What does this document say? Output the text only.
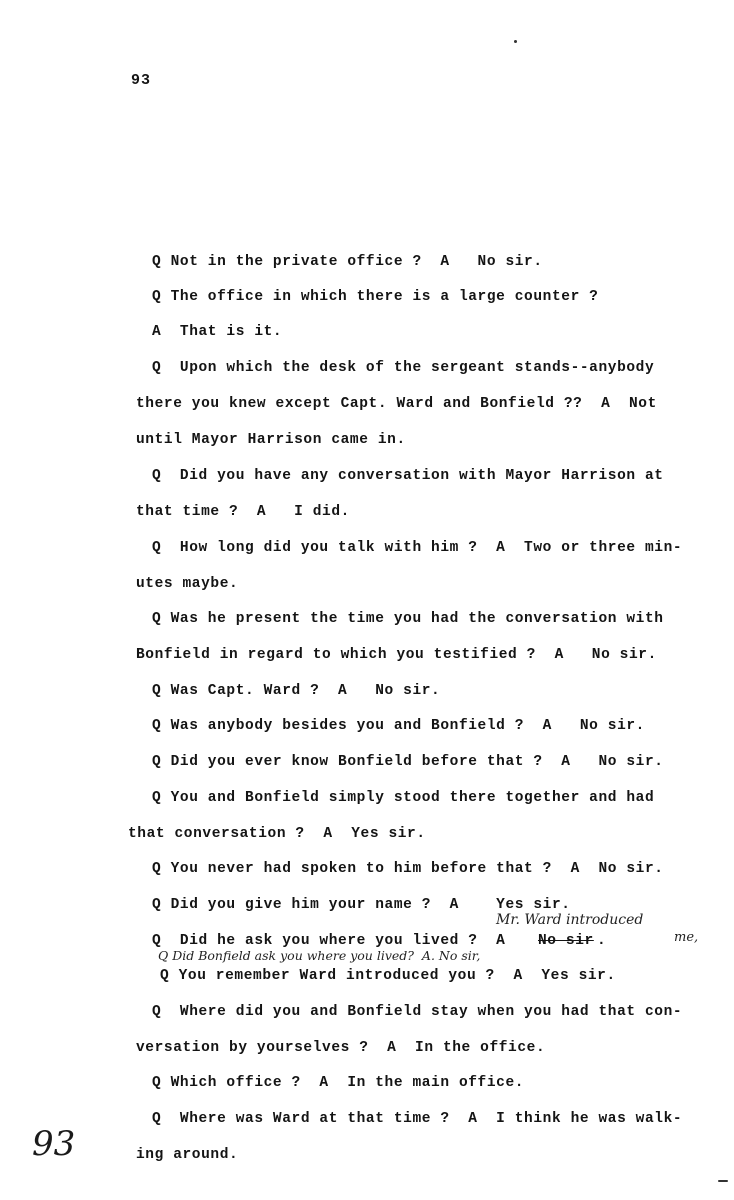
93
Q Not in the private office ?  A   No sir.
Q The office in which there is a large counter ?
A  That is it.
Q  Upon which the desk of the sergeant stands--anybody
there you knew except Capt. Ward and Bonfield ??  A  Not
until Mayor Harrison came in.
Q  Did you have any conversation with Mayor Harrison at
that time ?  A   I did.
Q  How long did you talk with him ?  A  Two or three min-
utes maybe.
Q Was he present the time you had the conversation with
Bonfield in regard to which you testified ?  A   No sir.
Q Was Capt. Ward ?  A   No sir.
Q Was anybody besides you and Bonfield ?  A   No sir.
Q Did you ever know Bonfield before that ?  A   No sir.
Q You and Bonfield simply stood there together and had
that conversation ?  A  Yes sir.
Q You never had spoken to him before that ?  A  No sir.
Q Did you give him your name ?  A    Yes sir.
Mr. Ward introduced
me,
Q  Did he ask you where you lived ?  A No sir .
Q Did Bonfield ask you where you lived?  A. No sir,
Q You remember Ward introduced you ?  A  Yes sir.
Q  Where did you and Bonfield stay when you had that con-
versation by yourselves ?  A  In the office.
Q Which office ?  A  In the main office.
Q  Where was Ward at that time ?  A  I think he was walk-
ing around.
93
